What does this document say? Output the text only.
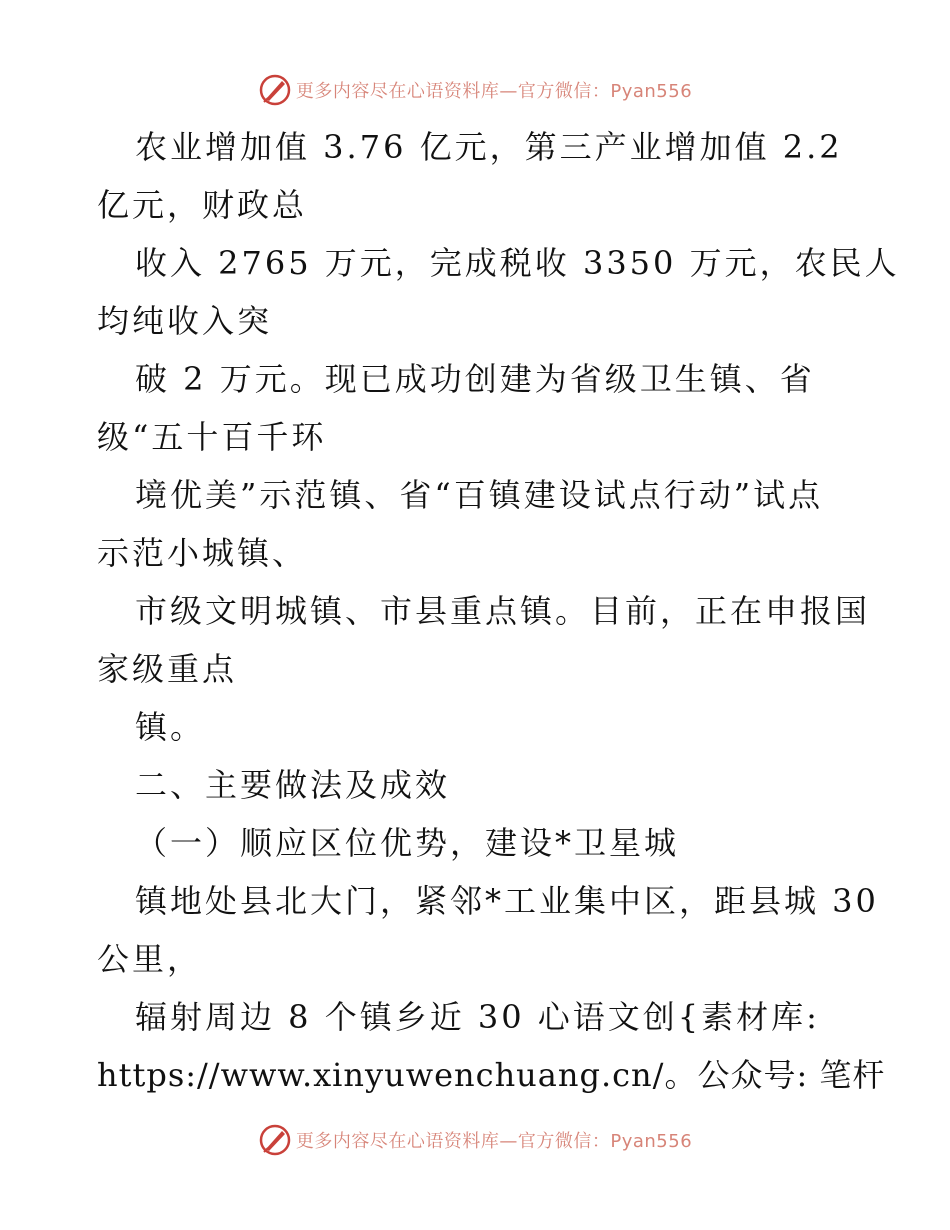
更多内容尽在心语资料库—官方微信：Pyan556
农业增加值 3.76 亿元，第三产业增加值 2.2
亿元，财政总
收入 2765 万元，完成税收 3350 万元，农民人
均纯收入突
破 2 万元。现已成功创建为省级卫生镇、省
级“五十百千环
境优美”示范镇、省“百镇建设试点行动”试点
示范小城镇、
市级文明城镇、市县重点镇。目前，正在申报国
家级重点
镇。
二、主要做法及成效
（一）顺应区位优势，建设*卫星城
镇地处县北大门，紧邻*工业集中区，距县城 30
公里，
辐射周边 8 个镇乡近 30 心语文创{素材库:
https://www.xinyuwenchuang.cn/。公众号: 笔杆
更多内容尽在心语资料库—官方微信：Pyan556
